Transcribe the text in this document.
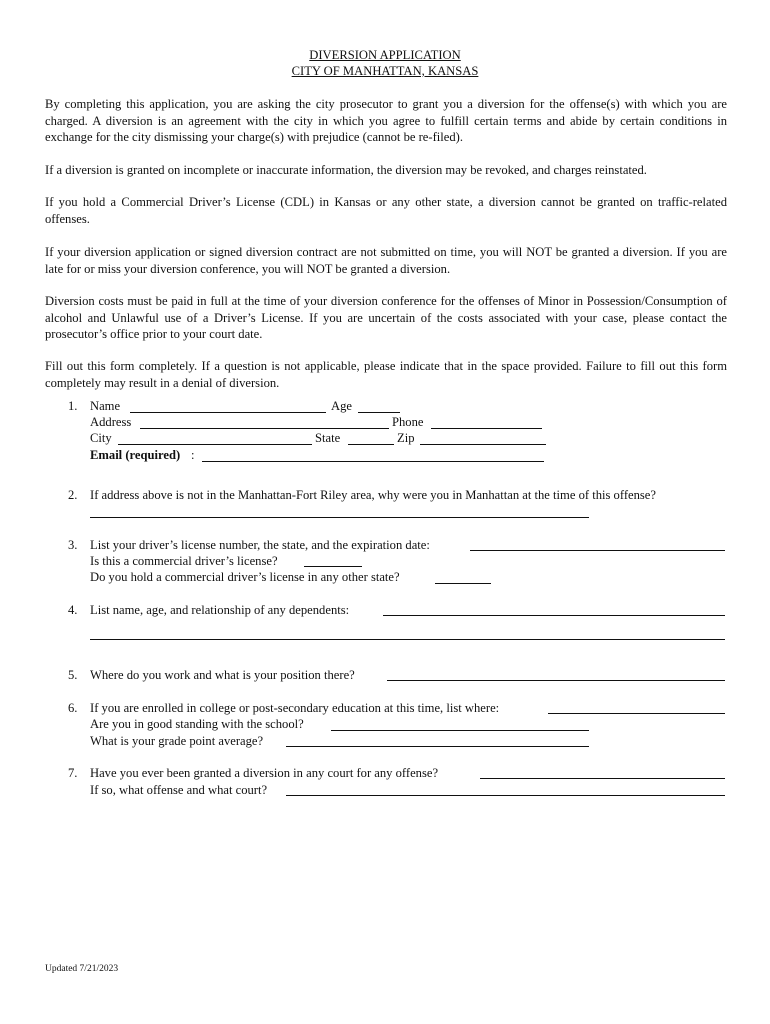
DIVERSION APPLICATION
CITY OF MANHATTAN, KANSAS
By completing this application, you are asking the city prosecutor to grant you a diversion for the offense(s) with which you are charged. A diversion is an agreement with the city in which you agree to fulfill certain terms and abide by certain conditions in exchange for the city dismissing your charge(s) with prejudice (cannot be re-filed).
If a diversion is granted on incomplete or inaccurate information, the diversion may be revoked, and charges reinstated.
If you hold a Commercial Driver’s License (CDL) in Kansas or any other state, a diversion cannot be granted on traffic-related offenses.
If your diversion application or signed diversion contract are not submitted on time, you will NOT be granted a diversion. If you are late for or miss your diversion conference, you will NOT be granted a diversion.
Diversion costs must be paid in full at the time of your diversion conference for the offenses of Minor in Possession/Consumption of alcohol and Unlawful use of a Driver’s License. If you are uncertain of the costs associated with your case, please contact the prosecutor’s office prior to your court date.
Fill out this form completely. If a question is not applicable, please indicate that in the space provided. Failure to fill out this form completely may result in a denial of diversion.
1. Name	Age
Address	Phone
City	State	Zip
Email (required) :
2. If address above is not in the Manhattan-Fort Riley area, why were you in Manhattan at the time of this offense?
3. List your driver’s license number, the state, and the expiration date:
Is this a commercial driver’s license?
Do you hold a commercial driver’s license in any other state?
4. List name, age, and relationship of any dependents:
5. Where do you work and what is your position there?
6. If you are enrolled in college or post-secondary education at this time, list where:
Are you in good standing with the school?
What is your grade point average?
7. Have you ever been granted a diversion in any court for any offense?
If so, what offense and what court?
Updated 7/21/2023
